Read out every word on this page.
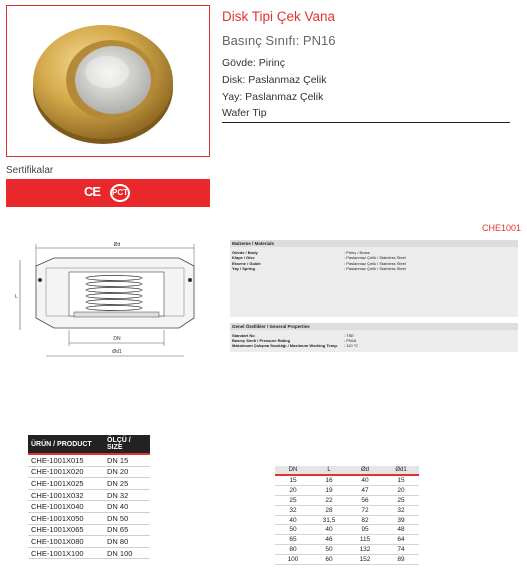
Sertifikalar
CE PCT
Disk Tipi Çek Vana
Basınç Sınıfı: PN16
Gövde: Pirinç
Disk: Paslanmaz Çelik
Yay: Paslanmaz Çelik
Wafer Tip
CHE1001
Ød
L
DN
Ød1
Malzeme / Materials
Gövde / Body	: Pirinç / Brass
Klape / Disc	: Paslanmaz Çelik / Stainless Steel
Eksene / Guide	: Paslanmaz Çelik / Stainless Steel
Yay / Spring	: Paslanmaz Çelik / Stainless Steel
Genel Özellikler / General Properties
Standart No	: TSE
Basınç Sınıfı / Pressure Rating	: PN16
Maksimum Çalışma Sıcaklığı / Maximum Working Temp.	: 110 °C
ÜRÜN / PRODUCT	ÖLÇÜ / SIZE

CHE-1001X015	DN 15
CHE-1001X020	DN 20
CHE-1001X025	DN 25
CHE-1001X032	DN 32
CHE-1001X040	DN 40
CHE-1001X050	DN 50
CHE-1001X065	DN 65
CHE-1001X080	DN 80
CHE-1001X100	DN 100
DN	L	Ød	Ød1

15	16	40	15
20	19	47	20
25	22	56	25
32	28	72	32
40	31,5	82	39
50	40	95	48
65	46	115	64
80	50	132	74
100	60	152	89
